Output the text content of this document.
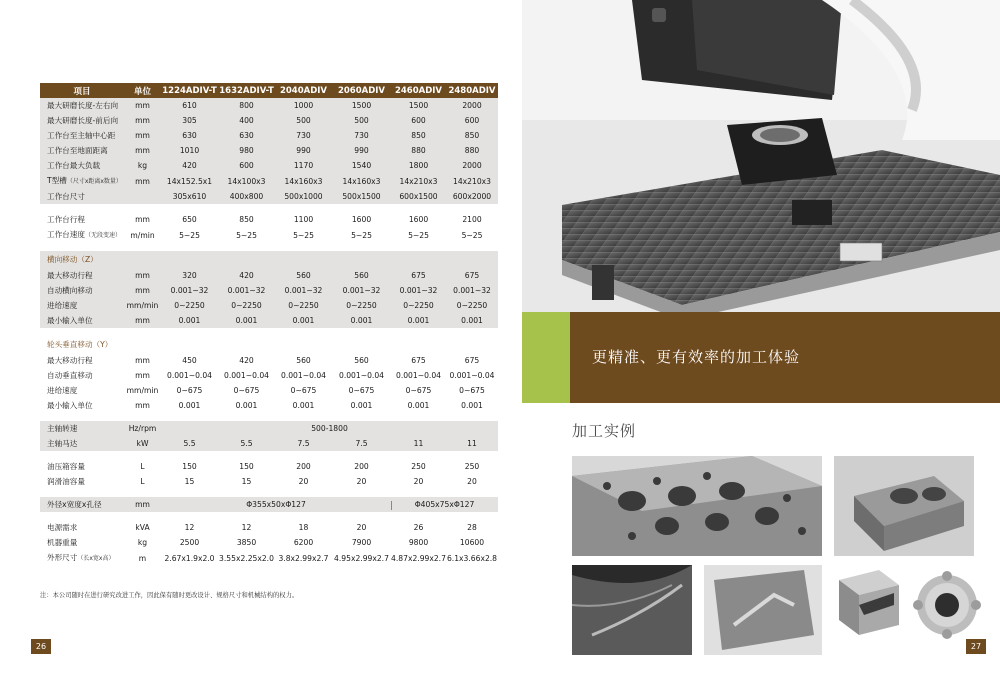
项目	单位	1224ADIV-T	1632ADIV-T	2040ADIV	2060ADIV	2460ADIV	2480ADIV
最大研磨长度-左右向	mm	610	800	1000	1500	1500	2000
最大研磨长度-前后向	mm	305	400	500	500	600	600
工作台至主轴中心距	mm	630	630	730	730	850	850
工作台至地面距离	mm	1010	980	990	990	880	880
工作台最大负载	kg	420	600	1170	1540	1800	2000
T型槽（尺寸x距离x数量）	mm	14x152.5x1	14x100x3	14x160x3	14x160x3	14x210x3	14x210x3
工作台尺寸		305x610	400x800	500x1000	500x1500	600x1500	600x2000

工作台行程	mm	650	850	1100	1600	1600	2100
工作台速度（无段变速）	m/min	5~25	5~25	5~25	5~25	5~25	5~25

横向移动（Z）							
最大移动行程	mm	320	420	560	560	675	675
自动横向移动	mm	0.001~32	0.001~32	0.001~32	0.001~32	0.001~32	0.001~32
进给速度	mm/min	0~2250	0~2250	0~2250	0~2250	0~2250	0~2250
最小输入单位	mm	0.001	0.001	0.001	0.001	0.001	0.001

轮头垂直移动（Y）							
最大移动行程	mm	450	420	560	560	675	675
自动垂直移动	mm	0.001~0.04	0.001~0.04	0.001~0.04	0.001~0.04	0.001~0.04	0.001~0.04
进给速度	mm/min	0~675	0~675	0~675	0~675	0~675	0~675
最小输入单位	mm	0.001	0.001	0.001	0.001	0.001	0.001

主轴转速	Hz/rpm	500-1800					
主轴马达	kW	5.5	5.5	7.5	7.5	11	11

油压箱容量	L	150	150	200	200	250	250
润滑油容量	L	15	15	20	20	20	20

外径x宽度x孔径	mm	Φ355x50xΦ127				Φ405x75xΦ127	

电源需求	kVA	12	12	18	20	26	28
机器重量	kg	2500	3850	6200	7900	9800	10600
外形尺寸（长x宽x高）	m	2.67x1.9x2.0	3.55x2.25x2.0	3.8x2.99x2.7	4.95x2.99x2.7	4.87x2.99x2.7	6.1x3.66x2.8
注：本公司随时在进行研究改进工作，因此保有随时更改设计、规格尺寸和机械结构的权力。
26
更精准、更有效率的加工体验
加工实例
27
